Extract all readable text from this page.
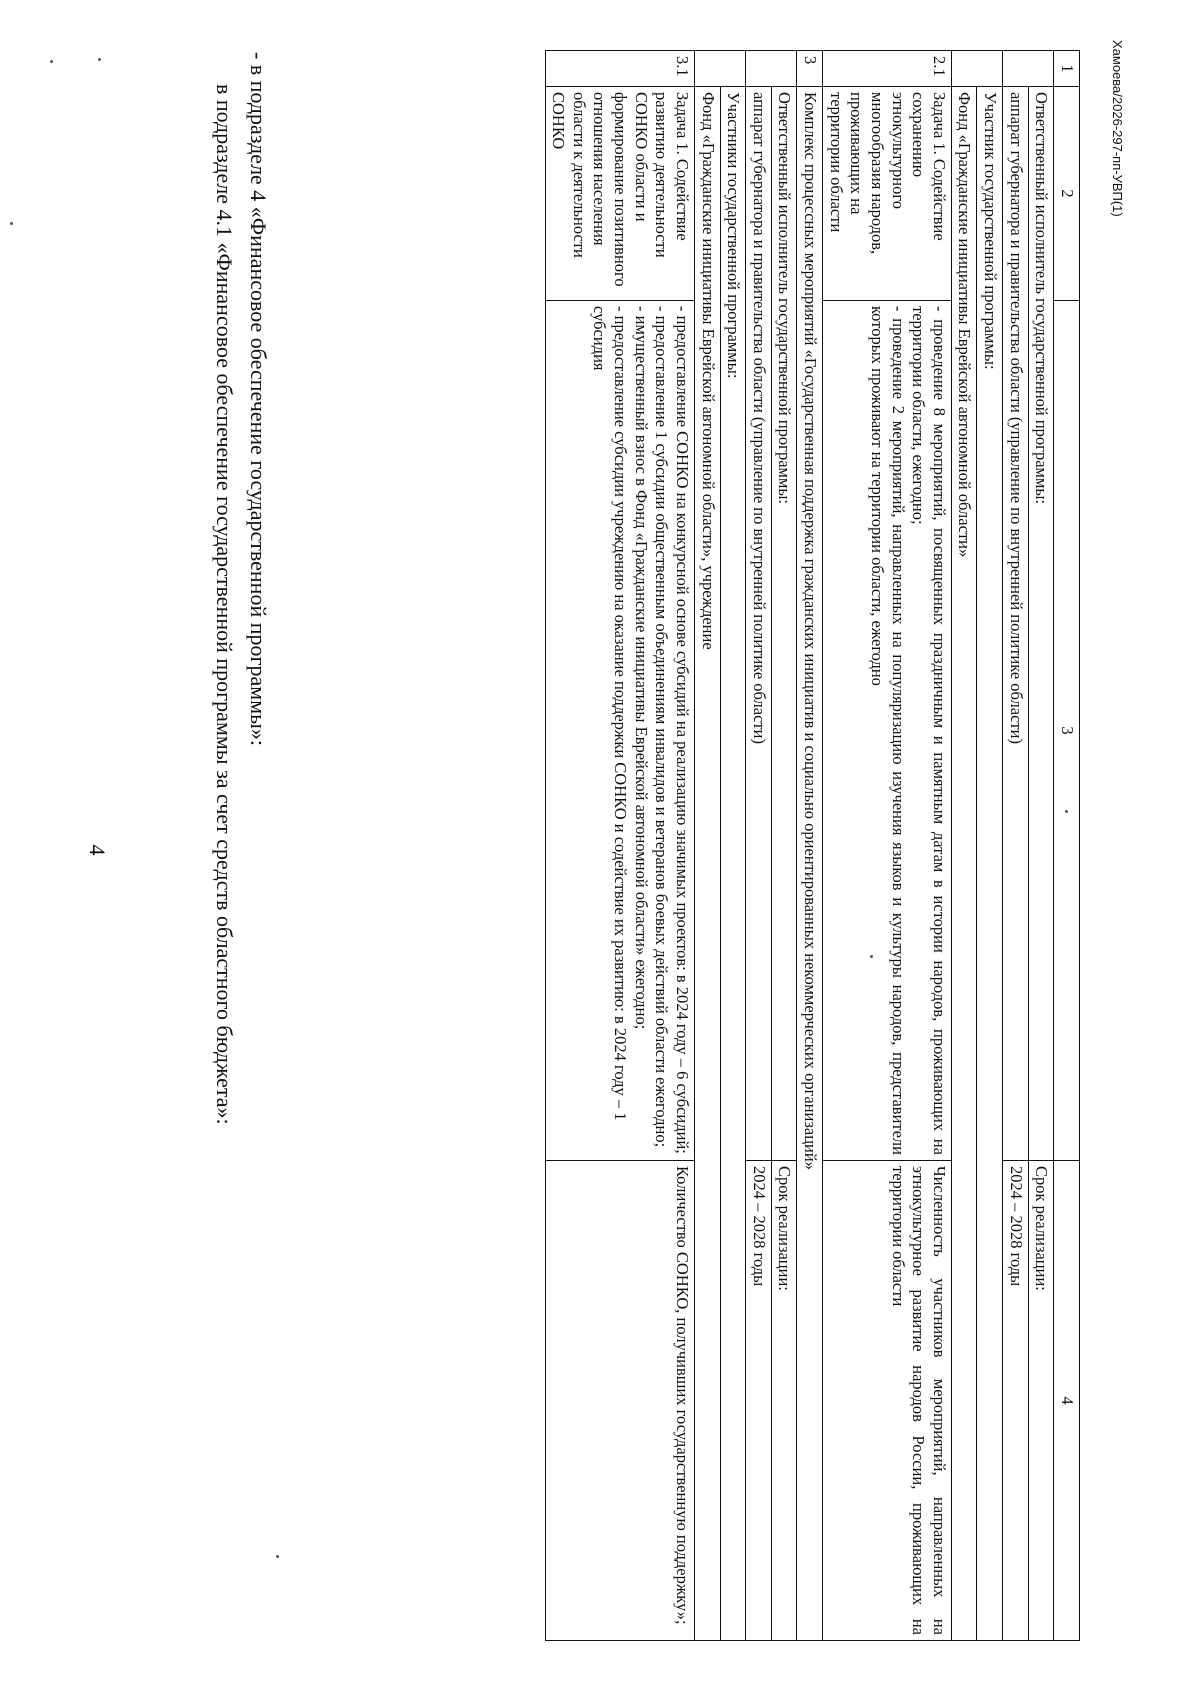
Хамоева/2026-297-пп-УВП(1)
1	2	3	4
	Ответственный исполнитель государственной программы:		Срок реализации:
	аппарат губернатора и правительства области (управление по внутренней политике области)		2024 – 2028 годы
	Участник государственной программы:		
	Фонд «Гражданские инициативы Еврейской автономной области»		
2.1	Задача 1. Содействие сохранению этнокультурного многообразия народов, проживающих на территории области	- проведение 8 мероприятий, посвященных праздничным и памятным датам в истории народов, проживающих на территории области, ежегодно;
- проведение 2 мероприятий, направленных на популяризацию изучения языков и культуры народов, представители которых проживают на территории области, ежегодно	Численность участников мероприятий, направленных на этнокультурное развитие народов России, проживающих на территории области
3	Комплекс процессных мероприятий «Государственная поддержка гражданских инициатив и социально ориентированных некоммерческих организаций»		
	Ответственный исполнитель государственной программы:		Срок реализации:
	аппарат губернатора и правительства области (управление по внутренней политике области)		2024 – 2028 годы
	Участники государственной программы:		
	Фонд «Гражданские инициативы Еврейской автономной области», учреждение		
3.1	Задача 1. Содействие развитию деятельности СОНКО области и формирование позитивного отношения населения области к деятельности СОНКО	- предоставление СОНКО на конкурсной основе субсидий на реализацию значимых проектов: в 2024 году – 6 субсидий;
- предоставление 1 субсидии общественным объединениям инвалидов и ветеранов боевых действий области ежегодно;
- имущественный взнос в Фонд «Гражданские инициативы Еврейской автономной области» ежегодно;
- предоставление субсидии учреждению на оказание поддержки СОНКО и содействие их развитию: в 2024 году – 1 субсидия	Количество СОНКО, получивших государственную поддержку»;
- в подразделе 4 «Финансовое обеспечение государственной программы»:
в подразделе 4.1 «Финансовое обеспечение государственной программы за счет средств областного бюджета»:
4
